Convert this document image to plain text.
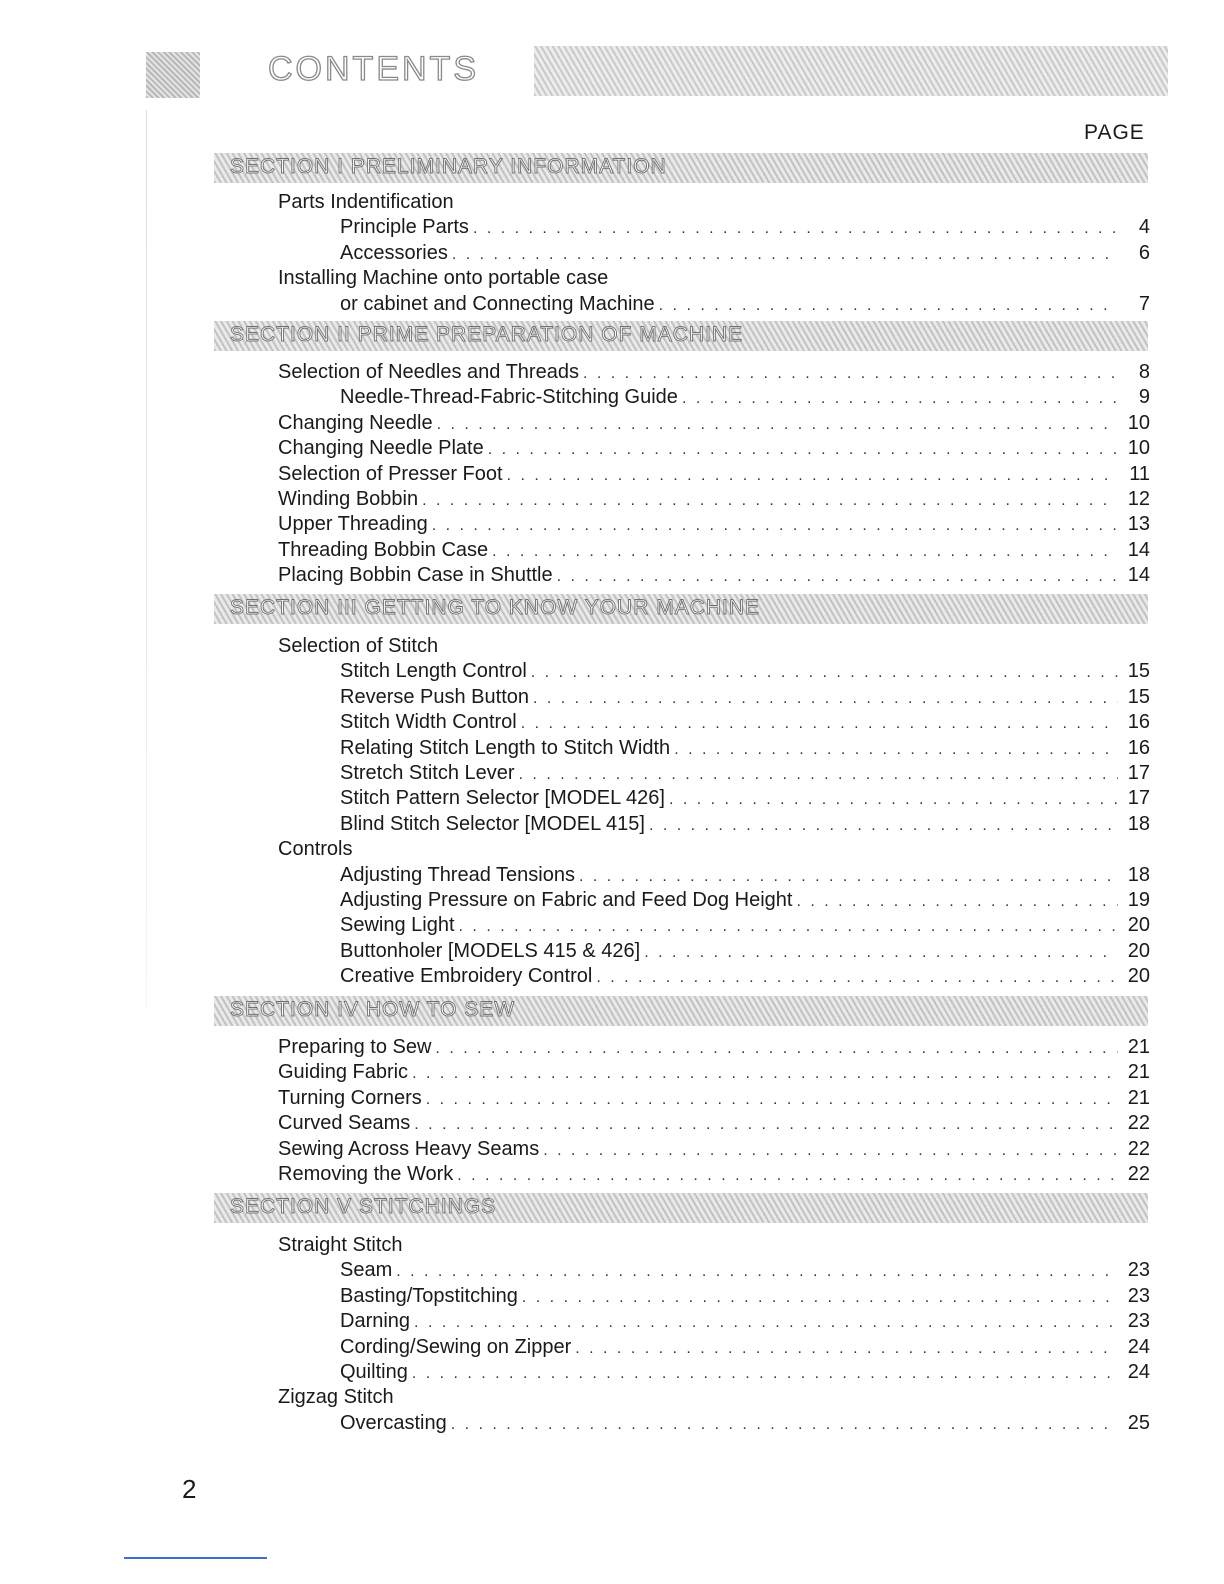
CONTENTS
PAGE
SECTION I PRELIMINARY INFORMATION
Parts Indentification
Principle Parts . . .	4
Accessories . . .	6
Installing Machine onto portable case
or cabinet and Connecting Machine . . .	7
SECTION II PRIME PREPARATION OF MACHINE
Selection of Needles and Threads . . .	8
Needle-Thread-Fabric-Stitching Guide . . .	9
Changing Needle . . .	10
Changing Needle Plate . . .	10
Selection of Presser Foot . . .	11
Winding Bobbin . . .	12
Upper Threading . . .	13
Threading Bobbin Case . . .	14
Placing Bobbin Case in Shuttle . . .	14
SECTION III GETTING TO KNOW YOUR MACHINE
Selection of Stitch
Stitch Length Control . . .	15
Reverse Push Button . . .	15
Stitch Width Control . . .	16
Relating Stitch Length to Stitch Width . . .	16
Stretch Stitch Lever . . .	17
Stitch Pattern Selector [MODEL 426] . . .	17
Blind Stitch Selector [MODEL 415] . . .	18
Controls
Adjusting Thread Tensions . . .	18
Adjusting Pressure on Fabric and Feed Dog Height . . .	19
Sewing Light . . .	20
Buttonholer [MODELS 415 & 426] . . .	20
Creative Embroidery Control . . .	20
SECTION IV HOW TO SEW
Preparing to Sew . . .	21
Guiding Fabric . . .	21
Turning Corners . . .	21
Curved Seams . . .	22
Sewing Across Heavy Seams . . .	22
Removing the Work . . .	22
SECTION V STITCHINGS
Straight Stitch
Seam . . .	23
Basting/Topstitching . . .	23
Darning . . .	23
Cording/Sewing on Zipper . . .	24
Quilting . . .	24
Zigzag Stitch
Overcasting . . .	25
2
